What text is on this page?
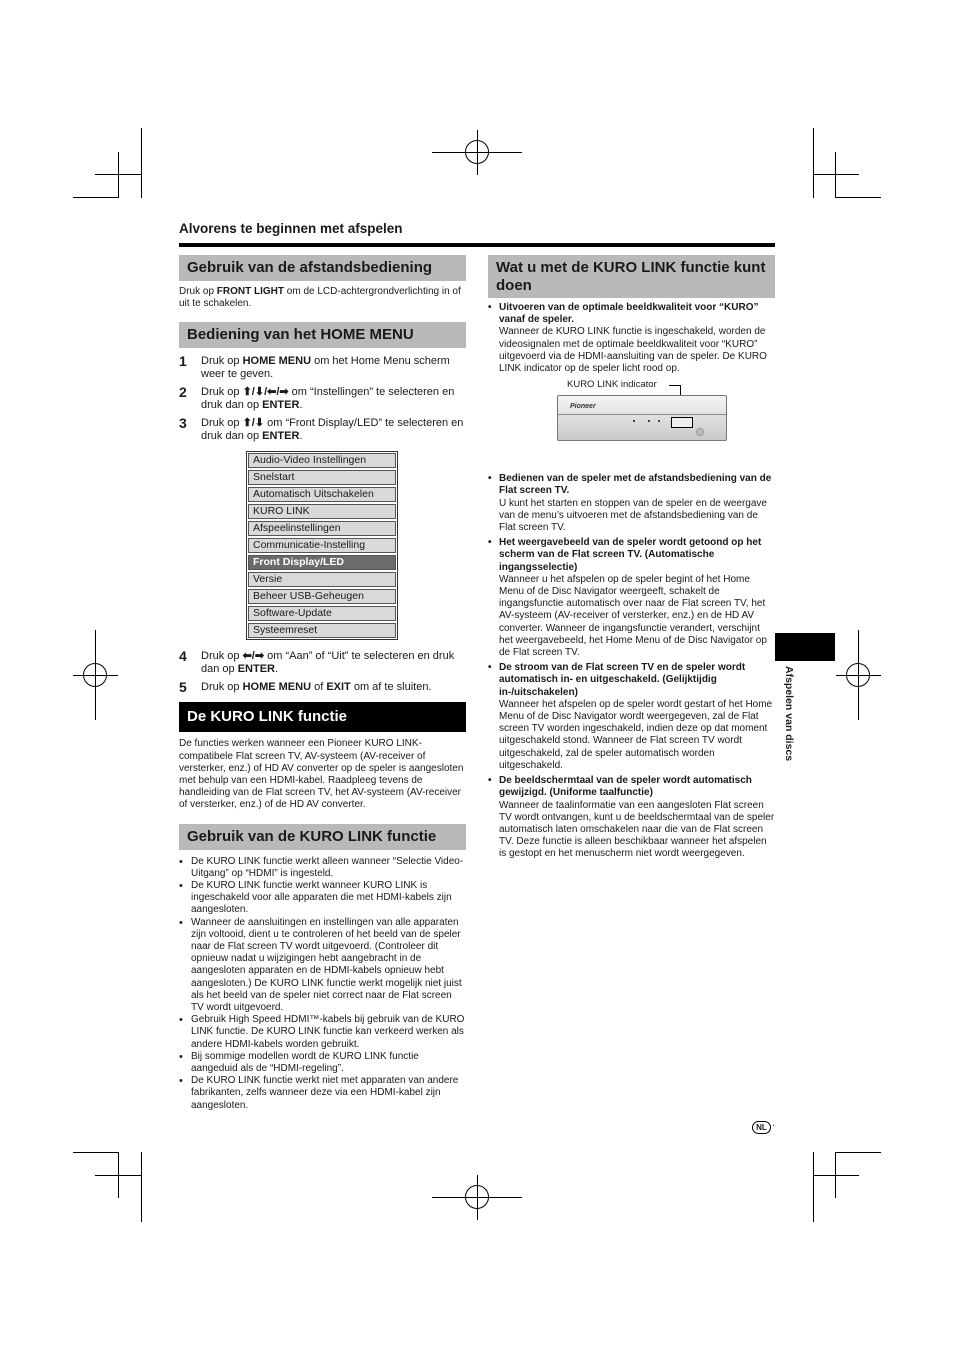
Alvorens te beginnen met afspelen
Gebruik van de afstandsbediening

Druk op FRONT LIGHT om de LCD-achtergrondverlichting in of uit te schakelen.

Bediening van het HOME MENU
1	Druk op HOME MENU om het Home Menu scherm weer te geven.
2	Druk op ⬆/⬇/⬅/➡ om “Instellingen” te selecteren en druk dan op ENTER.
3	Druk op ⬆/⬇ om “Front Display/LED” te selecteren en druk dan op ENTER.
Audio-Video Instellingen
Snelstart
Automatisch Uitschakelen
KURO LINK
Afspeelinstellingen
Communicatie-Instelling
Front Display/LED
Versie
Beheer USB-Geheugen
Software-Update
Systeemreset
4	Druk op ⬅/➡ om “Aan” of “Uit” te selecteren en druk dan op ENTER.
5	Druk op HOME MENU of EXIT om af te sluiten.
De KURO LINK functie

De functies werken wanneer een Pioneer KURO LINK-compatibele Flat screen TV, AV-systeem (AV-receiver of versterker, enz.) of HD AV converter op de speler is aangesloten met behulp van een HDMI-kabel. Raadpleeg tevens de handleiding van de Flat screen TV, het AV-systeem (AV-receiver of versterker, enz.) of de HD AV converter.

Gebruik van de KURO LINK functie
• De KURO LINK functie werkt alleen wanneer “Selectie Video-Uitgang” op “HDMI” is ingesteld.
• De KURO LINK functie werkt wanneer KURO LINK is ingeschakeld voor alle apparaten die met HDMI-kabels zijn aangesloten.
• Wanneer de aansluitingen en instellingen van alle apparaten zijn voltooid, dient u te controleren of het beeld van de speler naar de Flat screen TV wordt uitgevoerd. (Controleer dit opnieuw nadat u wijzigingen hebt aangebracht in de aangesloten apparaten en de HDMI-kabels opnieuw hebt aangesloten.) De KURO LINK functie werkt mogelijk niet juist als het beeld van de speler niet correct naar de Flat screen TV wordt uitgevoerd.
• Gebruik High Speed HDMI™-kabels bij gebruik van de KURO LINK functie. De KURO LINK functie kan verkeerd werken als andere HDMI-kabels worden gebruikt.
• Bij sommige modellen wordt de KURO LINK functie aangeduid als de “HDMI-regeling”.
• De KURO LINK functie werkt niet met apparaten van andere fabrikanten, zelfs wanneer deze via een HDMI-kabel zijn aangesloten.
Wat u met de KURO LINK functie kunt doen
• Uitvoeren van de optimale beeldkwaliteit voor “KURO” vanaf de speler.
Wanneer de KURO LINK functie is ingeschakeld, worden de videosignalen met de optimale beeldkwaliteit voor “KURO” uitgevoerd via de HDMI-aansluiting van de speler. De KURO LINK indicator op de speler licht rood op.
KURO LINK indicator
Pioneer
• Bedienen van de speler met de afstandsbediening van de Flat screen TV.
U kunt het starten en stoppen van de speler en de weergave van de menu’s uitvoeren met de afstandsbediening van de Flat screen TV.
• Het weergavebeeld van de speler wordt getoond op het scherm van de Flat screen TV. (Automatische ingangsselectie)
Wanneer u het afspelen op de speler begint of het Home Menu of de Disc Navigator weergeeft, schakelt de ingangsfunctie automatisch over naar de Flat screen TV, het AV-systeem (AV-receiver of versterker, enz.) en de HD AV converter. Wanneer de ingangsfunctie verandert, verschijnt het weergavebeeld, het Home Menu of de Disc Navigator op de Flat screen TV.
• De stroom van de Flat screen TV en de speler wordt automatisch in- en uitgeschakeld. (Gelijktijdig in-/uitschakelen)
Wanneer het afspelen op de speler wordt gestart of het Home Menu of de Disc Navigator wordt weergegeven, zal de Flat screen TV worden ingeschakeld, indien deze op dat moment uitgeschakeld stond. Wanneer de Flat screen TV wordt uitgeschakeld, zal de speler automatisch worden uitgeschakeld.
• De beeldschermtaal van de speler wordt automatisch gewijzigd. (Uniforme taalfunctie)
Wanneer de taalinformatie van een aangesloten Flat screen TV wordt ontvangen, kunt u de beeldschermtaal van de speler automatisch laten omschakelen naar die van de Flat screen TV. Deze functie is alleen beschikbaar wanneer het afspelen is gestopt en het menuscherm niet wordt weergegeven.
Afspelen van discs
NL ·
